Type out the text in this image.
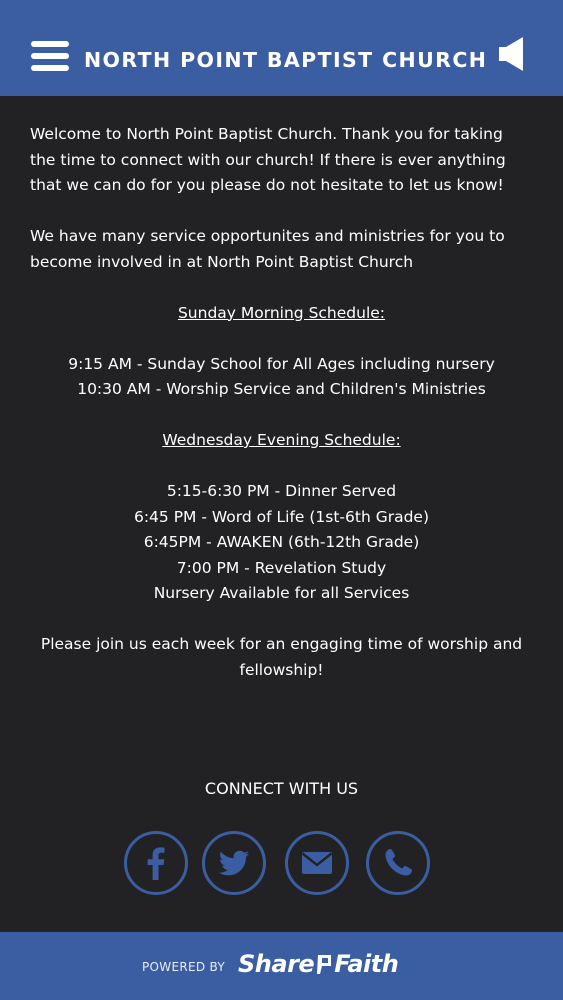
NORTH POINT BAPTIST CHURCH

Welcome to North Point Baptist Church. Thank you for taking the time to connect with our church! If there is ever anything that we can do for you please do not hesitate to let us know!

We have many service opportunites and ministries for you to become involved in at North Point Baptist Church

Sunday Morning Schedule:

9:15 AM - Sunday School for All Ages including nursery
10:30 AM - Worship Service and Children's Ministries

Wednesday Evening Schedule:

5:15-6:30 PM - Dinner Served
6:45 PM - Word of Life (1st-6th Grade)
6:45PM - AWAKEN (6th-12th Grade)
7:00 PM - Revelation Study
Nursery Available for all Services

Please join us each week for an engaging time of worship and fellowship!

CONNECT WITH US
POWERED BY Share Faith
